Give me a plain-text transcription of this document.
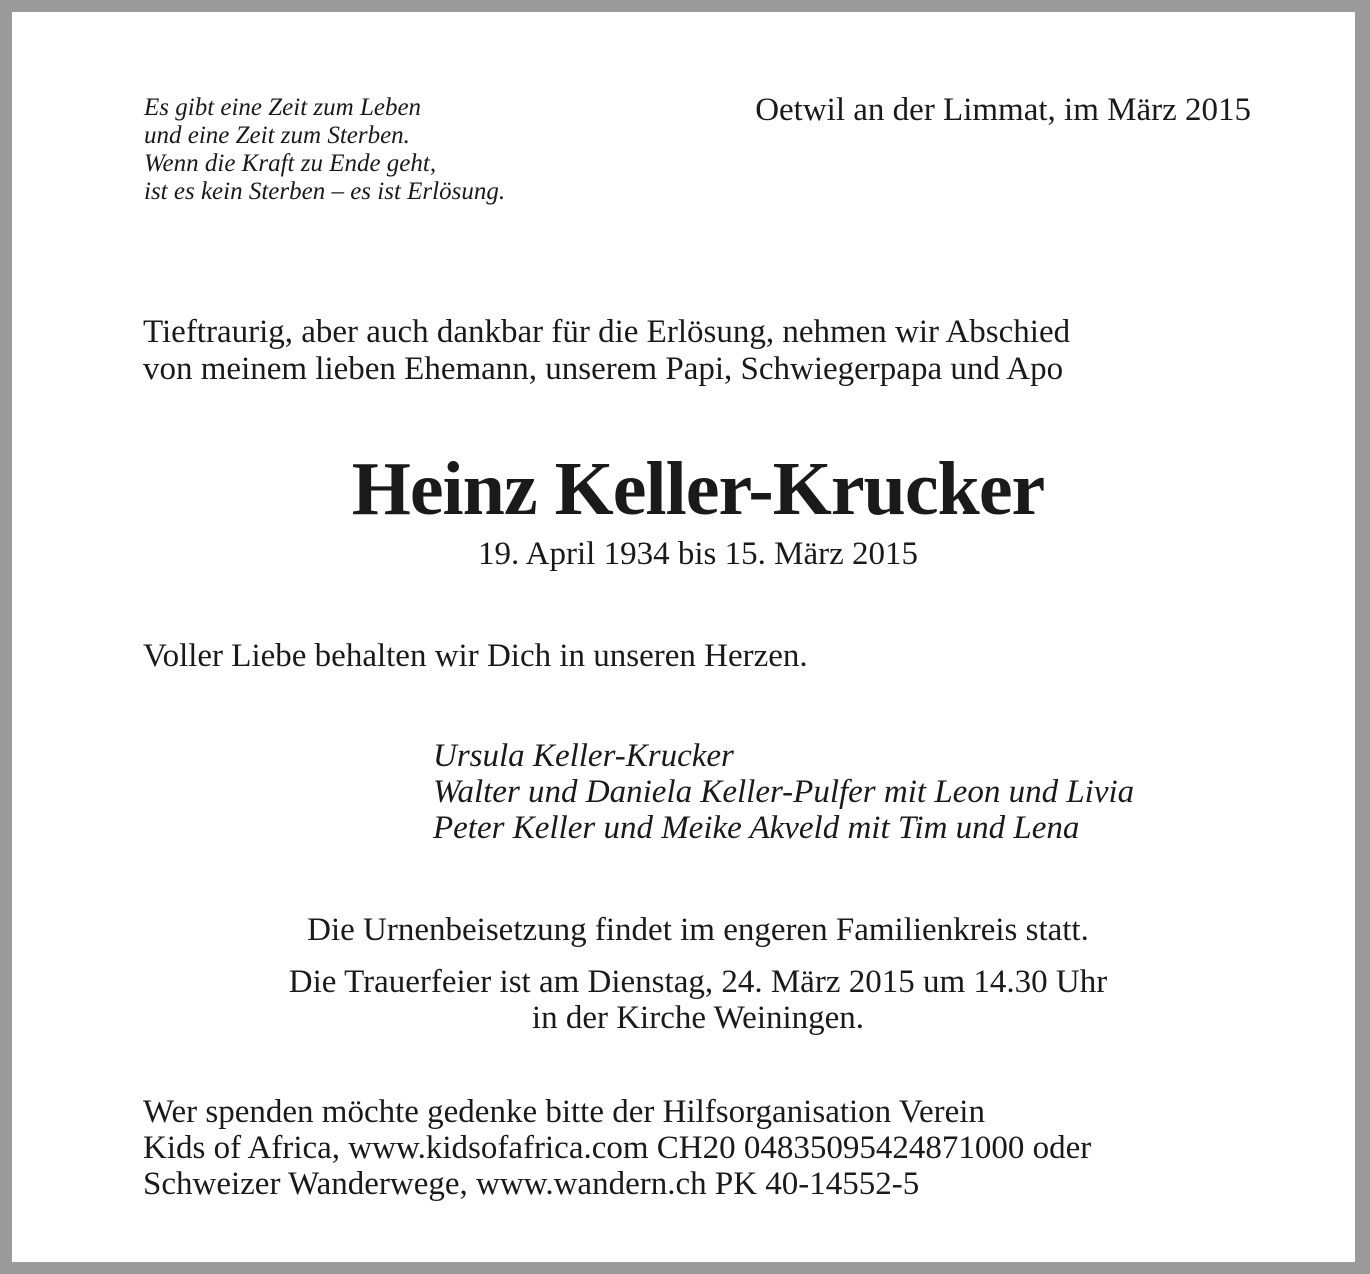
Es gibt eine Zeit zum Leben
und eine Zeit zum Sterben.
Wenn die Kraft zu Ende geht,
ist es kein Sterben – es ist Erlösung.
Oetwil an der Limmat, im März 2015
Tieftraurig, aber auch dankbar für die Erlösung, nehmen wir Abschied
von meinem lieben Ehemann, unserem Papi, Schwiegerpapa und Apo
Heinz Keller-Krucker
19. April 1934 bis 15. März 2015
Voller Liebe behalten wir Dich in unseren Herzen.
Ursula Keller-Krucker
Walter und Daniela Keller-Pulfer mit Leon und Livia
Peter Keller und Meike Akveld mit Tim und Lena
Die Urnenbeisetzung findet im engeren Familienkreis statt.
Die Trauerfeier ist am Dienstag, 24. März 2015 um 14.30 Uhr
in der Kirche Weiningen.
Wer spenden möchte gedenke bitte der Hilfsorganisation Verein
Kids of Africa, www.kidsofafrica.com CH20 04835095424871000 oder
Schweizer Wanderwege, www.wandern.ch PK 40-14552-5
